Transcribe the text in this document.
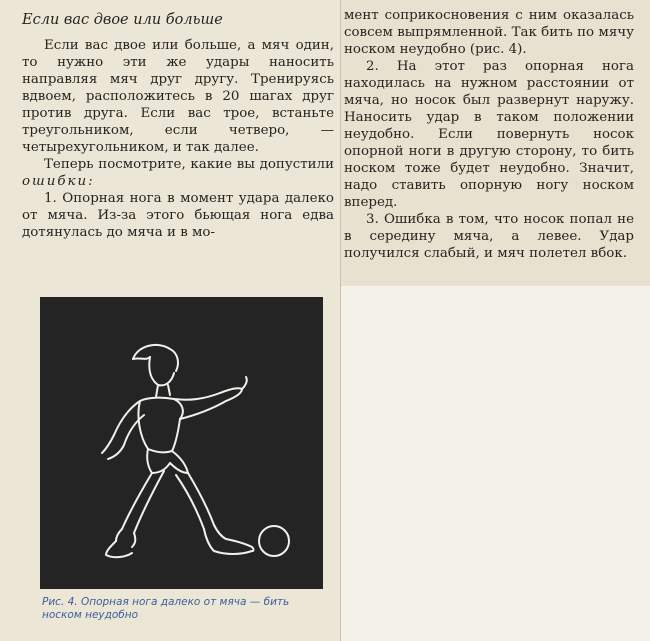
Если вас двое или больше

Если вас двое или больше, а мяч один, то нужно эти же удары наносить направляя мяч друг другу. Тренируясь вдвоем, расположитесь в 20 шагах друг против друга. Если вас трое, встаньте треугольником, если четверо, — четырехугольником, и так далее.

Теперь посмотрите, какие вы допустили ошибки:

1. Опорная нога в момент удара далеко от мяча. Из-за этого бьющая нога едва дотянулась до мяча и в мо-

мент соприкосновения с ним оказалась совсем выпрямленной. Так бить по мячу носком неудобно (рис. 4).

2. На этот раз опорная нога находилась на нужном расстоянии от мяча, но носок был развернут наружу. Наносить удар в таком положении неудобно. Если повернуть носок опорной ноги в другую сторону, то бить носком тоже будет неудобно. Значит, надо ставить опорную ногу носком вперед.

3. Ошибка в том, что носок попал не в середину мяча, а левее. Удар получился слабый, и мяч полетел вбок.

Рис. 4. Опорная нога далеко от мяча — бить носком неудобно
